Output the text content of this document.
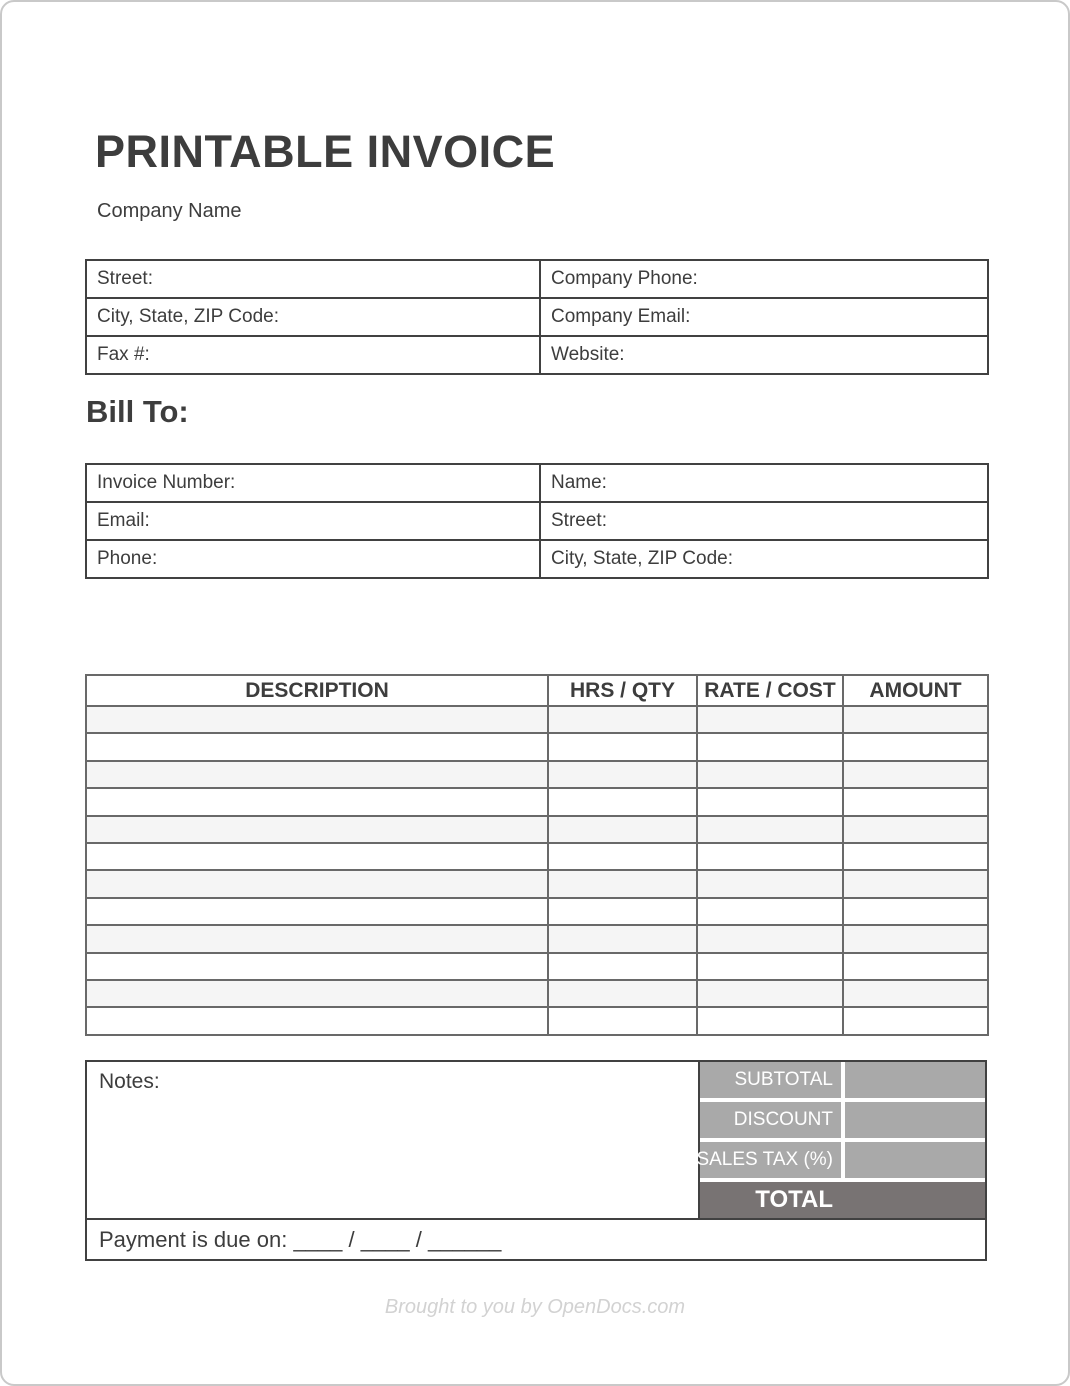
PRINTABLE INVOICE
Company Name
Street:	Company Phone:
City, State, ZIP Code:	Company Email:
Fax #:	Website:
Bill To:
Invoice Number:	Name:
Email:	Street:
Phone:	City, State, ZIP Code:
DESCRIPTION	HRS / QTY	RATE / COST	AMOUNT

Notes:	SUBTOTAL
DISCOUNT
SALES TAX (%)
TOTAL
Payment is due on: ____ / ____ / ______
Brought to you by OpenDocs.com
